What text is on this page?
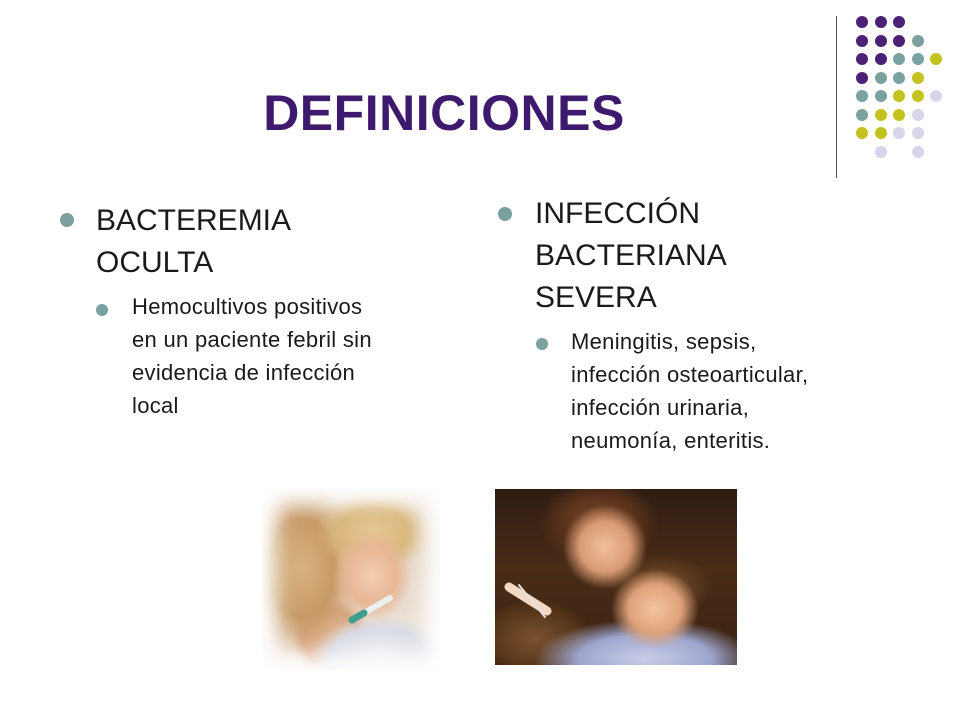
DEFINICIONES
BACTEREMIA
OCULTA
Hemocultivos positivos
en un paciente febril sin
evidencia de infección
local
INFECCIÓN
BACTERIANA
SEVERA
Meningitis, sepsis,
infección osteoarticular,
infección urinaria,
neumonía, enteritis.
